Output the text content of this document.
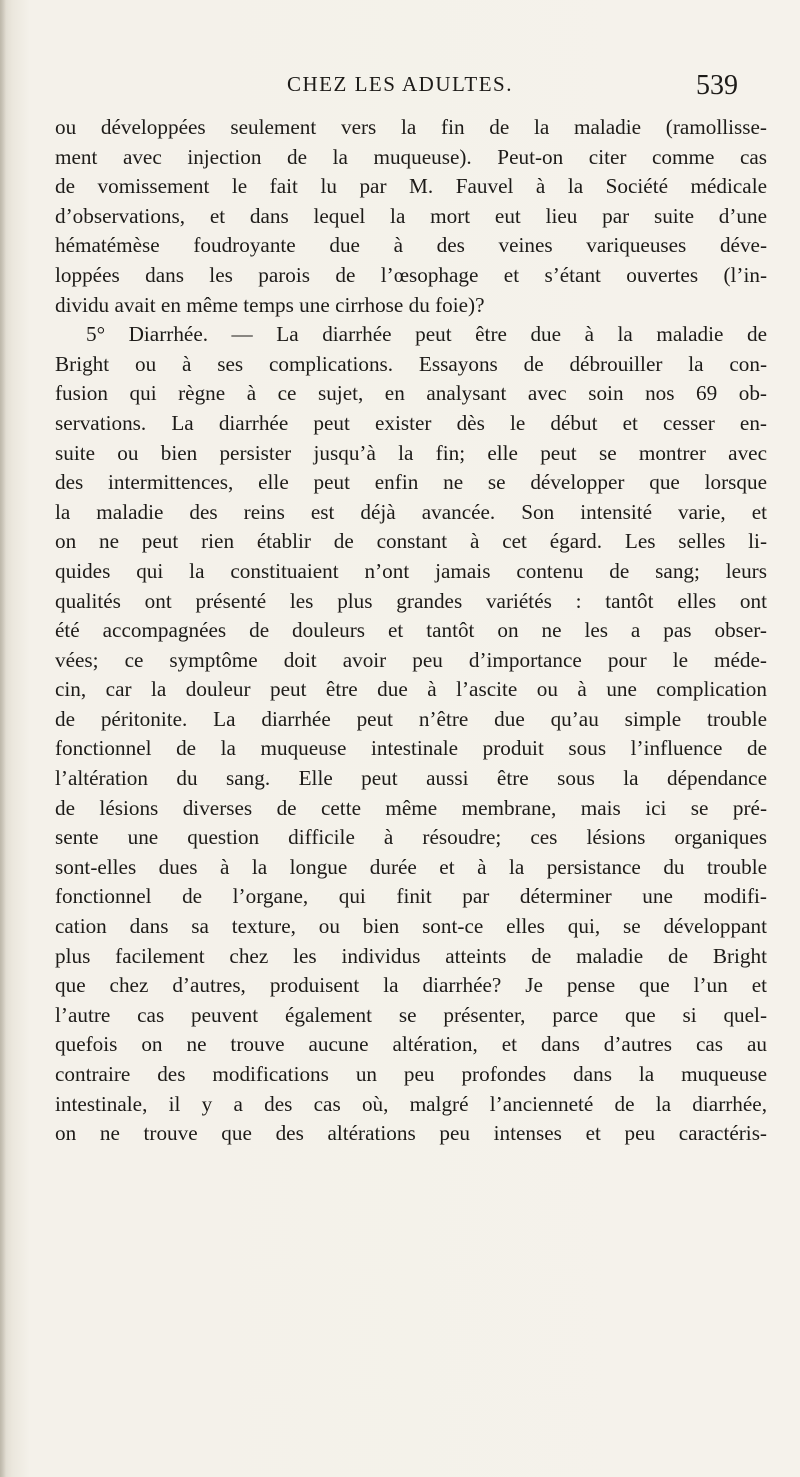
CHEZ LES ADULTES.	539
ou développées seulement vers la fin de la maladie (ramollisse-
ment avec injection de la muqueuse). Peut-on citer comme cas
de vomissement le fait lu par M. Fauvel à la Société médicale
d’observations, et dans lequel la mort eut lieu par suite d’une
hématémèse foudroyante due à des veines variqueuses déve-
loppées dans les parois de l’œsophage et s’étant ouvertes (l’in-
dividu avait en même temps une cirrhose du foie)?
5° Diarrhée. — La diarrhée peut être due à la maladie de
Bright ou à ses complications. Essayons de débrouiller la con-
fusion qui règne à ce sujet, en analysant avec soin nos 69 ob-
servations. La diarrhée peut exister dès le début et cesser en-
suite ou bien persister jusqu’à la fin; elle peut se montrer avec
des intermittences, elle peut enfin ne se développer que lorsque
la maladie des reins est déjà avancée. Son intensité varie, et
on ne peut rien établir de constant à cet égard. Les selles li-
quides qui la constituaient n’ont jamais contenu de sang; leurs
qualités ont présenté les plus grandes variétés : tantôt elles ont
été accompagnées de douleurs et tantôt on ne les a pas obser-
vées; ce symptôme doit avoir peu d’importance pour le méde-
cin, car la douleur peut être due à l’ascite ou à une complication
de péritonite. La diarrhée peut n’être due qu’au simple trouble
fonctionnel de la muqueuse intestinale produit sous l’influence de
l’altération du sang. Elle peut aussi être sous la dépendance
de lésions diverses de cette même membrane, mais ici se pré-
sente une question difficile à résoudre; ces lésions organiques
sont-elles dues à la longue durée et à la persistance du trouble
fonctionnel de l’organe, qui finit par déterminer une modifi-
cation dans sa texture, ou bien sont-ce elles qui, se développant
plus facilement chez les individus atteints de maladie de Bright
que chez d’autres, produisent la diarrhée? Je pense que l’un et
l’autre cas peuvent également se présenter, parce que si quel-
quefois on ne trouve aucune altération, et dans d’autres cas au
contraire des modifications un peu profondes dans la muqueuse
intestinale, il y a des cas où, malgré l’ancienneté de la diarrhée,
on ne trouve que des altérations peu intenses et peu caractéris-
